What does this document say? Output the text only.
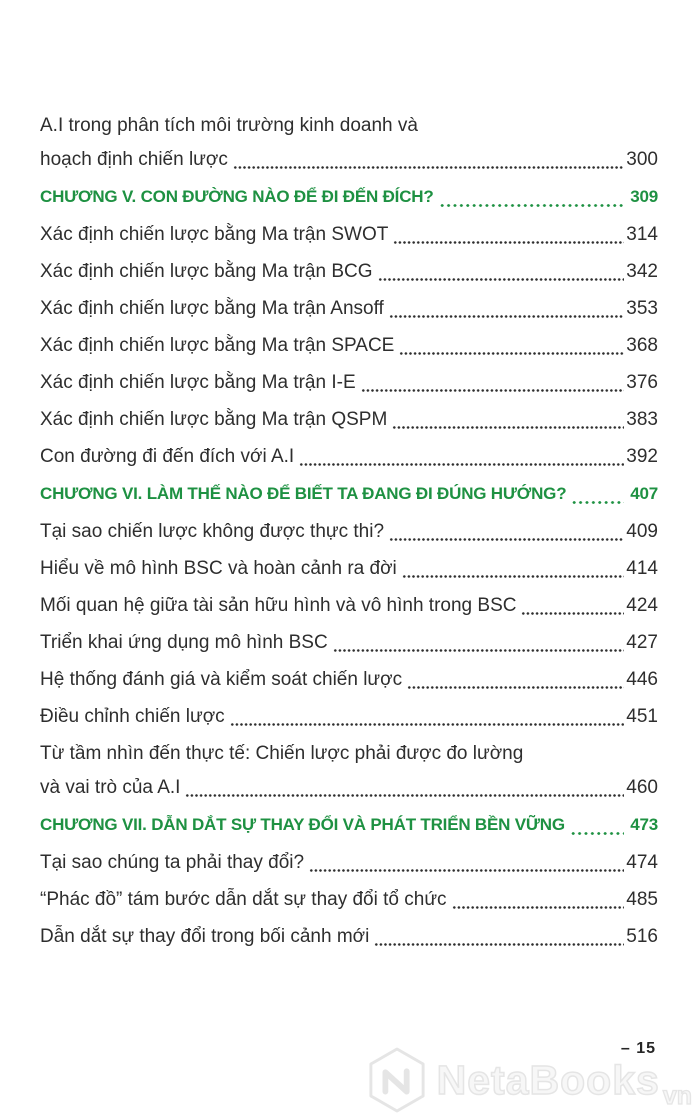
A.I trong phân tích môi trường kinh doanh và
hoạch định chiến lược	300
CHƯƠNG V. CON ĐƯỜNG NÀO ĐỂ ĐI ĐẾN ĐÍCH?	309
Xác định chiến lược bằng Ma trận SWOT	314
Xác định chiến lược bằng Ma trận BCG	342
Xác định chiến lược bằng Ma trận Ansoff	353
Xác định chiến lược bằng Ma trận SPACE	368
Xác định chiến lược bằng Ma trận I-E	376
Xác định chiến lược bằng Ma trận QSPM	383
Con đường đi đến đích với A.I	392
CHƯƠNG VI. LÀM THẾ NÀO ĐỂ BIẾT TA ĐANG ĐI ĐÚNG HƯỚNG?	407
Tại sao chiến lược không được thực thi?	409
Hiểu về mô hình BSC và hoàn cảnh ra đời	414
Mối quan hệ giữa tài sản hữu hình và vô hình trong BSC	424
Triển khai ứng dụng mô hình BSC	427
Hệ thống đánh giá và kiểm soát chiến lược	446
Điều chỉnh chiến lược	451
Từ tầm nhìn đến thực tế: Chiến lược phải được đo lường
và vai trò của A.I	460
CHƯƠNG VII. DẪN DẮT SỰ THAY ĐỔI VÀ PHÁT TRIỂN BỀN VỮNG	473
Tại sao chúng ta phải thay đổi?	474
“Phác đồ” tám bước dẫn dắt sự thay đổi tổ chức	485
Dẫn dắt sự thay đổi trong bối cảnh mới	516
– 15
NetaBooks vn
